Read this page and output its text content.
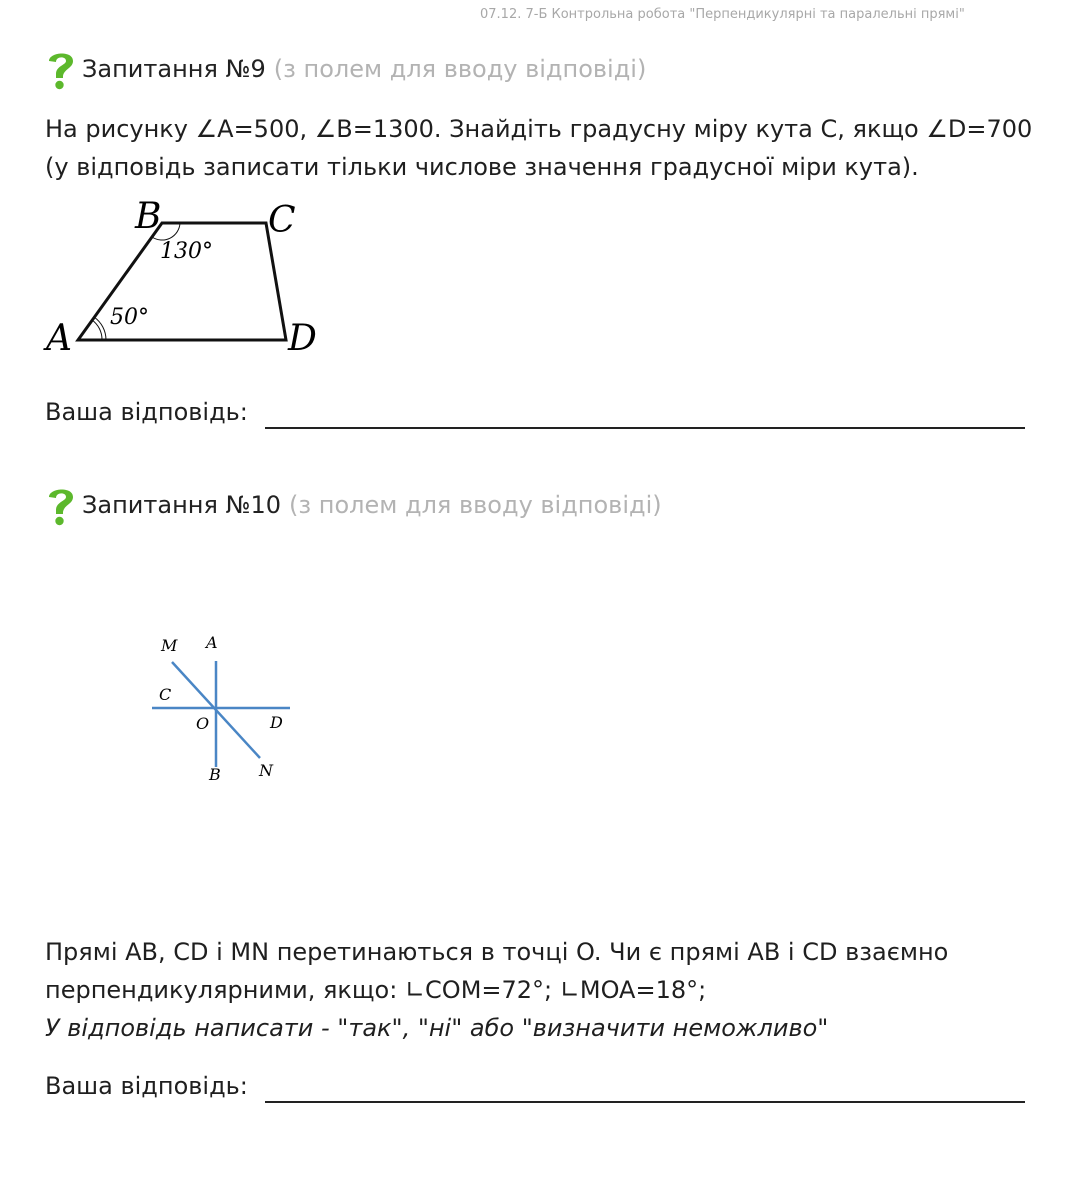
07.12. 7-Б Контрольна робота "Перпендикулярні та паралельні прямі"
Запитання №9 (з полем для вводу відповіді)
На рисунку ∠A=500, ∠B=1300. Знайдіть градусну міру кута C, якщо ∠D=700
(у відповідь записати тільки числове значення градусної міри кута).
B	C
A	D
130°
50°
Ваша відповідь:
Запитання №10 (з полем для вводу відповіді)
M A
C
O	D
B N
Прямі AB, CD і MN перетинаються в точці O. Чи є прямі AB і CD взаємно
перпендикулярними, якщо: ∟COM=72°; ∟MOA=18°;
У відповідь написати - "так", "ні" або "визначити неможливо"
Ваша відповідь:
